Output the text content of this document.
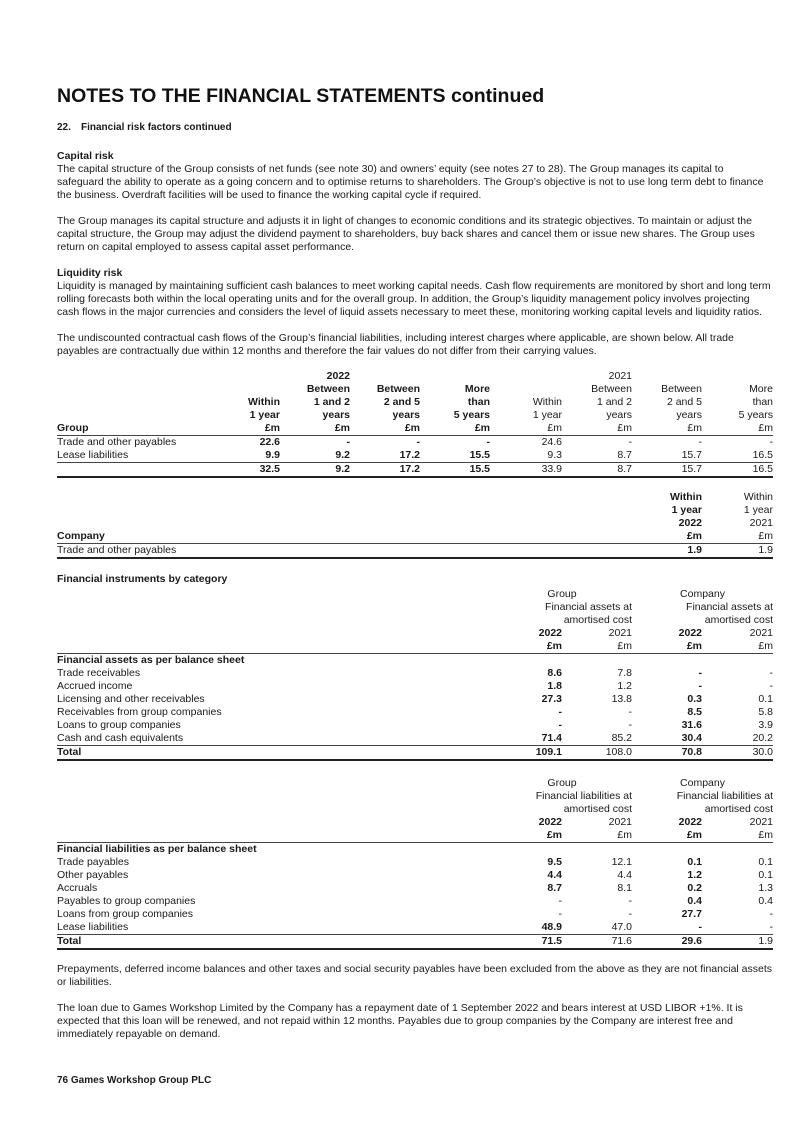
NOTES TO THE FINANCIAL STATEMENTS continued
22. Financial risk factors continued
Capital risk

The capital structure of the Group consists of net funds (see note 30) and owners’ equity (see notes 27 to 28). The Group manages its capital to safeguard the ability to operate as a going concern and to optimise returns to shareholders. The Group’s objective is not to use long term debt to finance the business. Overdraft facilities will be used to finance the working capital cycle if required.

The Group manages its capital structure and adjusts it in light of changes to economic conditions and its strategic objectives. To maintain or adjust the capital structure, the Group may adjust the dividend payment to shareholders, buy back shares and cancel them or issue new shares. The Group uses return on capital employed to assess capital asset performance.

Liquidity risk

Liquidity is managed by maintaining sufficient cash balances to meet working capital needs. Cash flow requirements are monitored by short and long term rolling forecasts both within the local operating units and for the overall group. In addition, the Group’s liquidity management policy involves projecting cash flows in the major currencies and considers the level of liquid assets necessary to meet these, monitoring working capital levels and liquidity ratios.

The undiscounted contractual cash flows of the Group’s financial liabilities, including interest charges where applicable, are shown below. All trade payables are contractually due within 12 months and therefore the fair values do not differ from their carrying values.

		2022				2021		
		Between	Between	More		Between	Between	More
	Within	1 and 2	2 and 5	than	Within	1 and 2	2 and 5	than
	1 year	years	years	5 years	1 year	years	years	5 years
Group	£m	£m	£m	£m	£m	£m	£m	£m
Trade and other payables	22.6	-	-	-	24.6	-	-	-
Lease liabilities	9.9	9.2	17.2	15.5	9.3	8.7	15.7	16.5
	32.5	9.2	17.2	15.5	33.9	8.7	15.7	16.5
	Within	Within
	1 year	1 year
	2022	2021
Company	£m	£m
Trade and other payables	1.9	1.9
Financial instruments by category
	Group		Company	
	Financial assets at		Financial assets at	
	amortised cost		amortised cost	
	2022	2021	2022	2021
	£m	£m	£m	£m
Financial assets as per balance sheet				
Trade receivables	8.6	7.8	-	-
Accrued income	1.8	1.2	-	-
Licensing and other receivables	27.3	13.8	0.3	0.1
Receivables from group companies	-	-	8.5	5.8
Loans to group companies	-	-	31.6	3.9
Cash and cash equivalents	71.4	85.2	30.4	20.2
Total	109.1	108.0	70.8	30.0
	Group		Company	
	Financial liabilities at		Financial liabilities at	
	amortised cost		amortised cost	
	2022	2021	2022	2021
	£m	£m	£m	£m
Financial liabilities as per balance sheet				
Trade payables	9.5	12.1	0.1	0.1
Other payables	4.4	4.4	1.2	0.1
Accruals	8.7	8.1	0.2	1.3
Payables to group companies	-	-	0.4	0.4
Loans from group companies	-	-	27.7	-
Lease liabilities	48.9	47.0	-	-
Total	71.5	71.6	29.6	1.9

Prepayments, deferred income balances and other taxes and social security payables have been excluded from the above as they are not financial assets or liabilities.

The loan due to Games Workshop Limited by the Company has a repayment date of 1 September 2022 and bears interest at USD LIBOR +1%. It is expected that this loan will be renewed, and not repaid within 12 months. Payables due to group companies by the Company are interest free and immediately repayable on demand.

76 Games Workshop Group PLC
